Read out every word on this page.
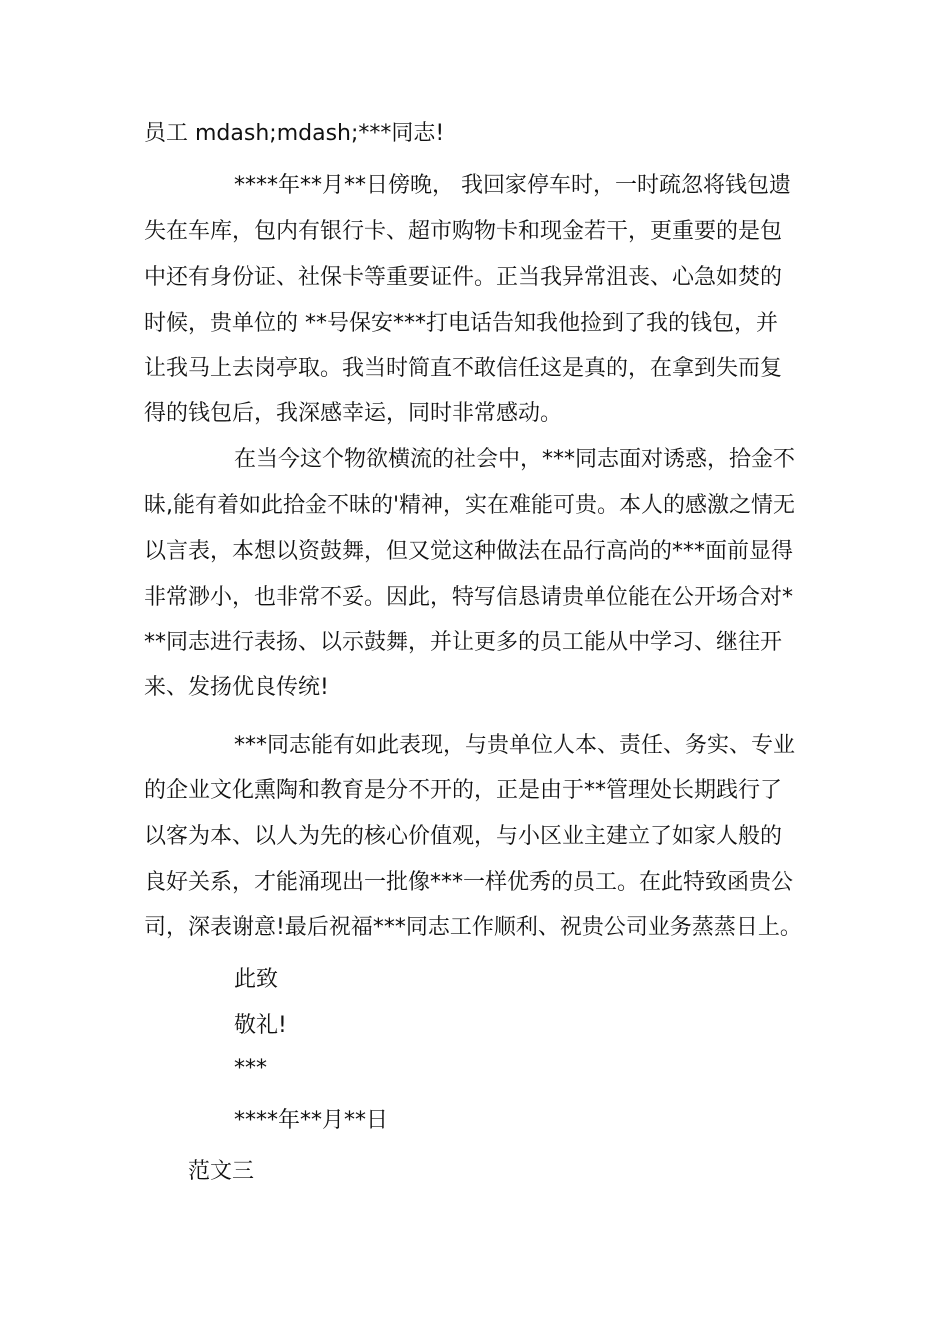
员工 mdash;mdash;***同志!
****年**月**日傍晚， 我回家停车时，一时疏忽将钱包遗
失在车库，包内有银行卡、超市购物卡和现金若干，更重要的是包
中还有身份证、社保卡等重要证件。正当我异常沮丧、心急如焚的
时候，贵单位的 **号保安***打电话告知我他捡到了我的钱包，并
让我马上去岗亭取。我当时简直不敢信任这是真的，在拿到失而复
得的钱包后，我深感幸运，同时非常感动。
在当今这个物欲横流的社会中，***同志面对诱惑，拾金不
昧,能有着如此拾金不昧的'精神，实在难能可贵。本人的感激之情无
以言表，本想以资鼓舞，但又觉这种做法在品行高尚的***面前显得
非常渺小，也非常不妥。因此，特写信恳请贵单位能在公开场合对*
**同志进行表扬、以示鼓舞，并让更多的员工能从中学习、继往开
来、发扬优良传统!
***同志能有如此表现，与贵单位人本、责任、务实、专业
的企业文化熏陶和教育是分不开的，正是由于**管理处长期践行了
以客为本、以人为先的核心价值观，与小区业主建立了如家人般的
良好关系，才能涌现出一批像***一样优秀的员工。在此特致函贵公
司，深表谢意!最后祝福***同志工作顺利、祝贵公司业务蒸蒸日上。
此致
敬礼!
***
****年**月**日
范文三
